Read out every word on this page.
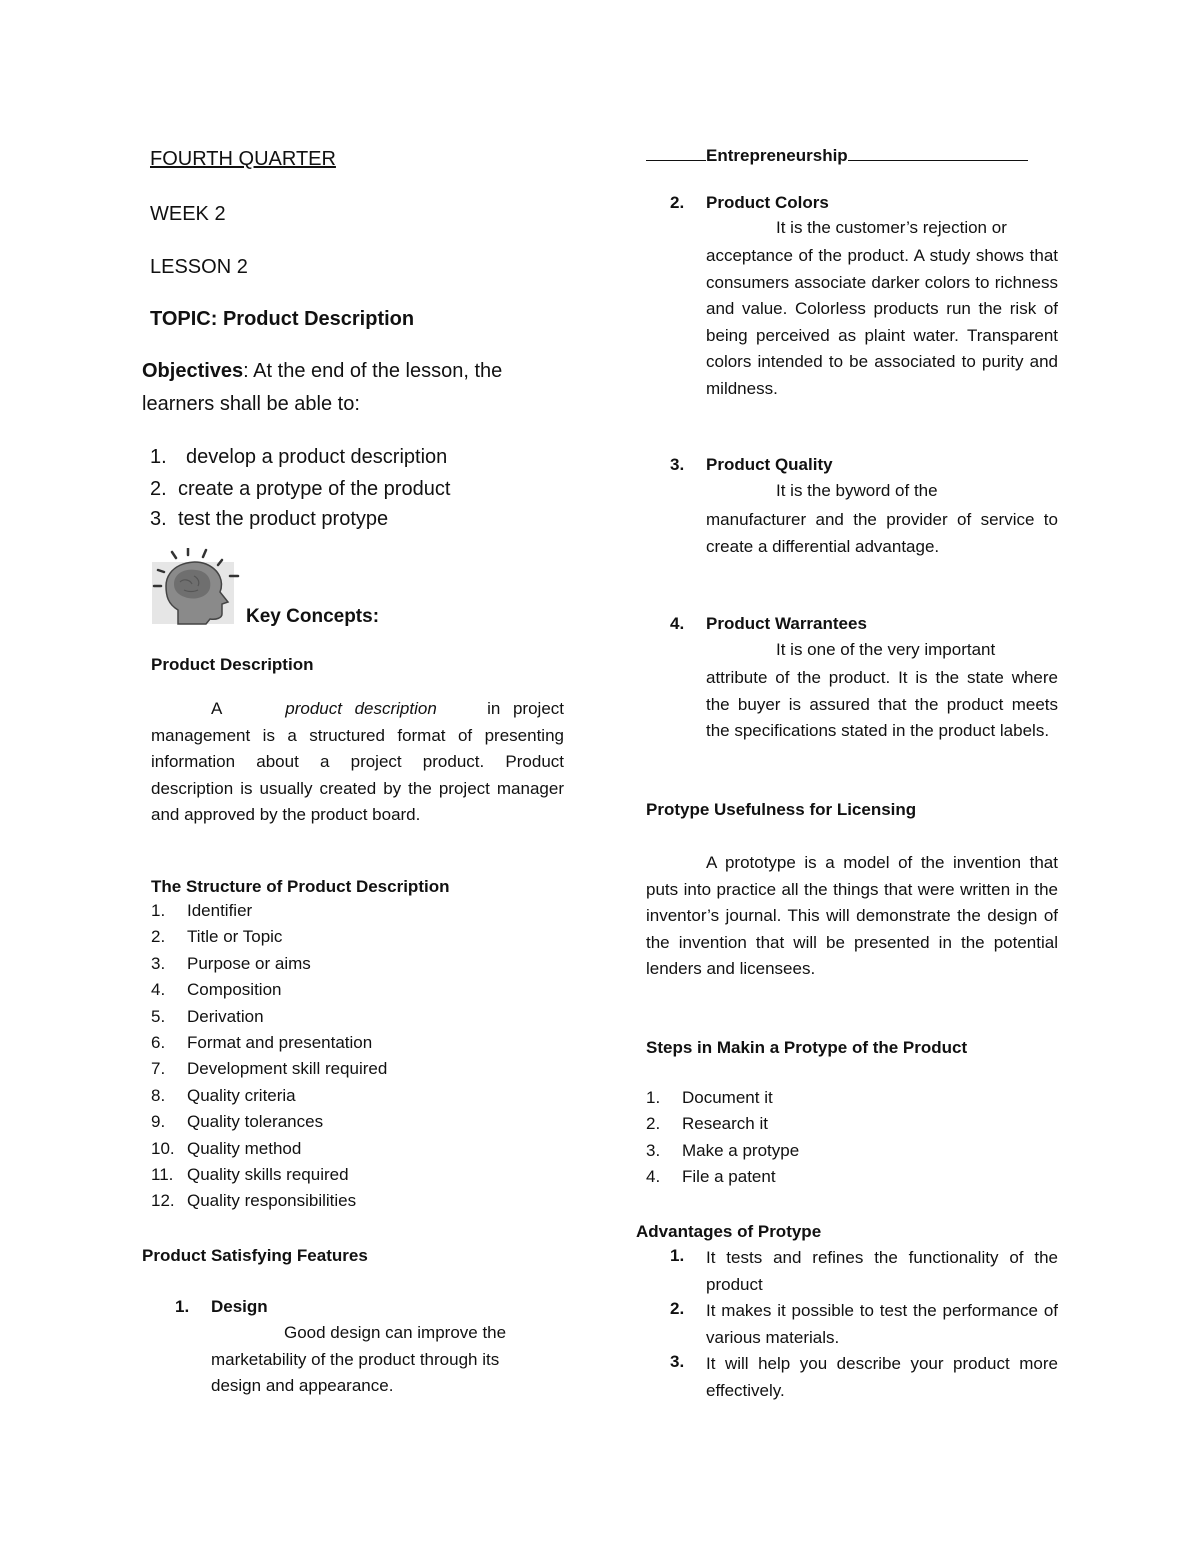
FOURTH QUARTER
WEEK 2
LESSON 2
TOPIC: Product Description
Objectives: At the end of the lesson, the
learners shall be able to:
1. develop a product description
2. create a protype of the product
3. test the product protype
Key Concepts:
Product Description
A	product description	in project management is a structured format of presenting information about a project product. Product description is usually created by the project manager and approved by the product board.
The Structure of Product Description
1. Identifier
2. Title or Topic
3. Purpose or aims
4. Composition
5. Derivation
6. Format and presentation
7. Development skill required
8. Quality criteria
9. Quality tolerances
10. Quality method
11. Quality skills required
12. Quality responsibilities
Product Satisfying Features
1. Design
Good design can improve the
marketability of the product through its
design and appearance.
Entrepreneurship
2. Product Colors
It is the customer’s rejection or
acceptance of the product. A study shows that consumers associate darker colors to richness and value. Colorless products run the risk of being perceived as plaint water. Transparent colors intended to be associated to purity and mildness.
3. Product Quality
It is the byword of the
manufacturer and the provider of service to create a differential advantage.
4. Product Warrantees
It is one of the very important
attribute of the product. It is the state where the buyer is assured that the product meets the specifications stated in the product labels.
Protype Usefulness for Licensing
A prototype is a model of the invention that puts into practice all the things that were written in the inventor’s journal. This will demonstrate the design of the invention that will be presented in the potential lenders and licensees.
Steps in Makin a Protype of the Product
1. Document it
2. Research it
3. Make a protype
4. File a patent
Advantages of Protype
1.	It tests and refines the functionality of the product
2.	It makes it possible to test the performance of various materials.
3.	It will help you describe your product more effectively.
